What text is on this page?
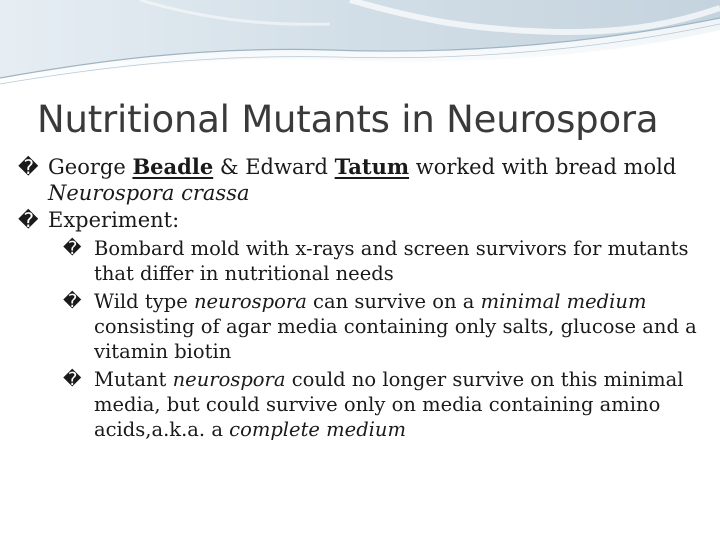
Nutritional Mutants in Neurospora

� George Beadle & Edward Tatum worked with bread mold Neurospora crassa

� Experiment:

� Bombard mold with x-rays and screen survivors for mutants that differ in nutritional needs

� Wild type neurospora can survive on a minimal medium consisting of agar media containing only salts, glucose and a vitamin biotin

� Mutant neurospora could no longer survive on this minimal media, but could survive only on media containing amino acids,a.k.a. a complete medium
